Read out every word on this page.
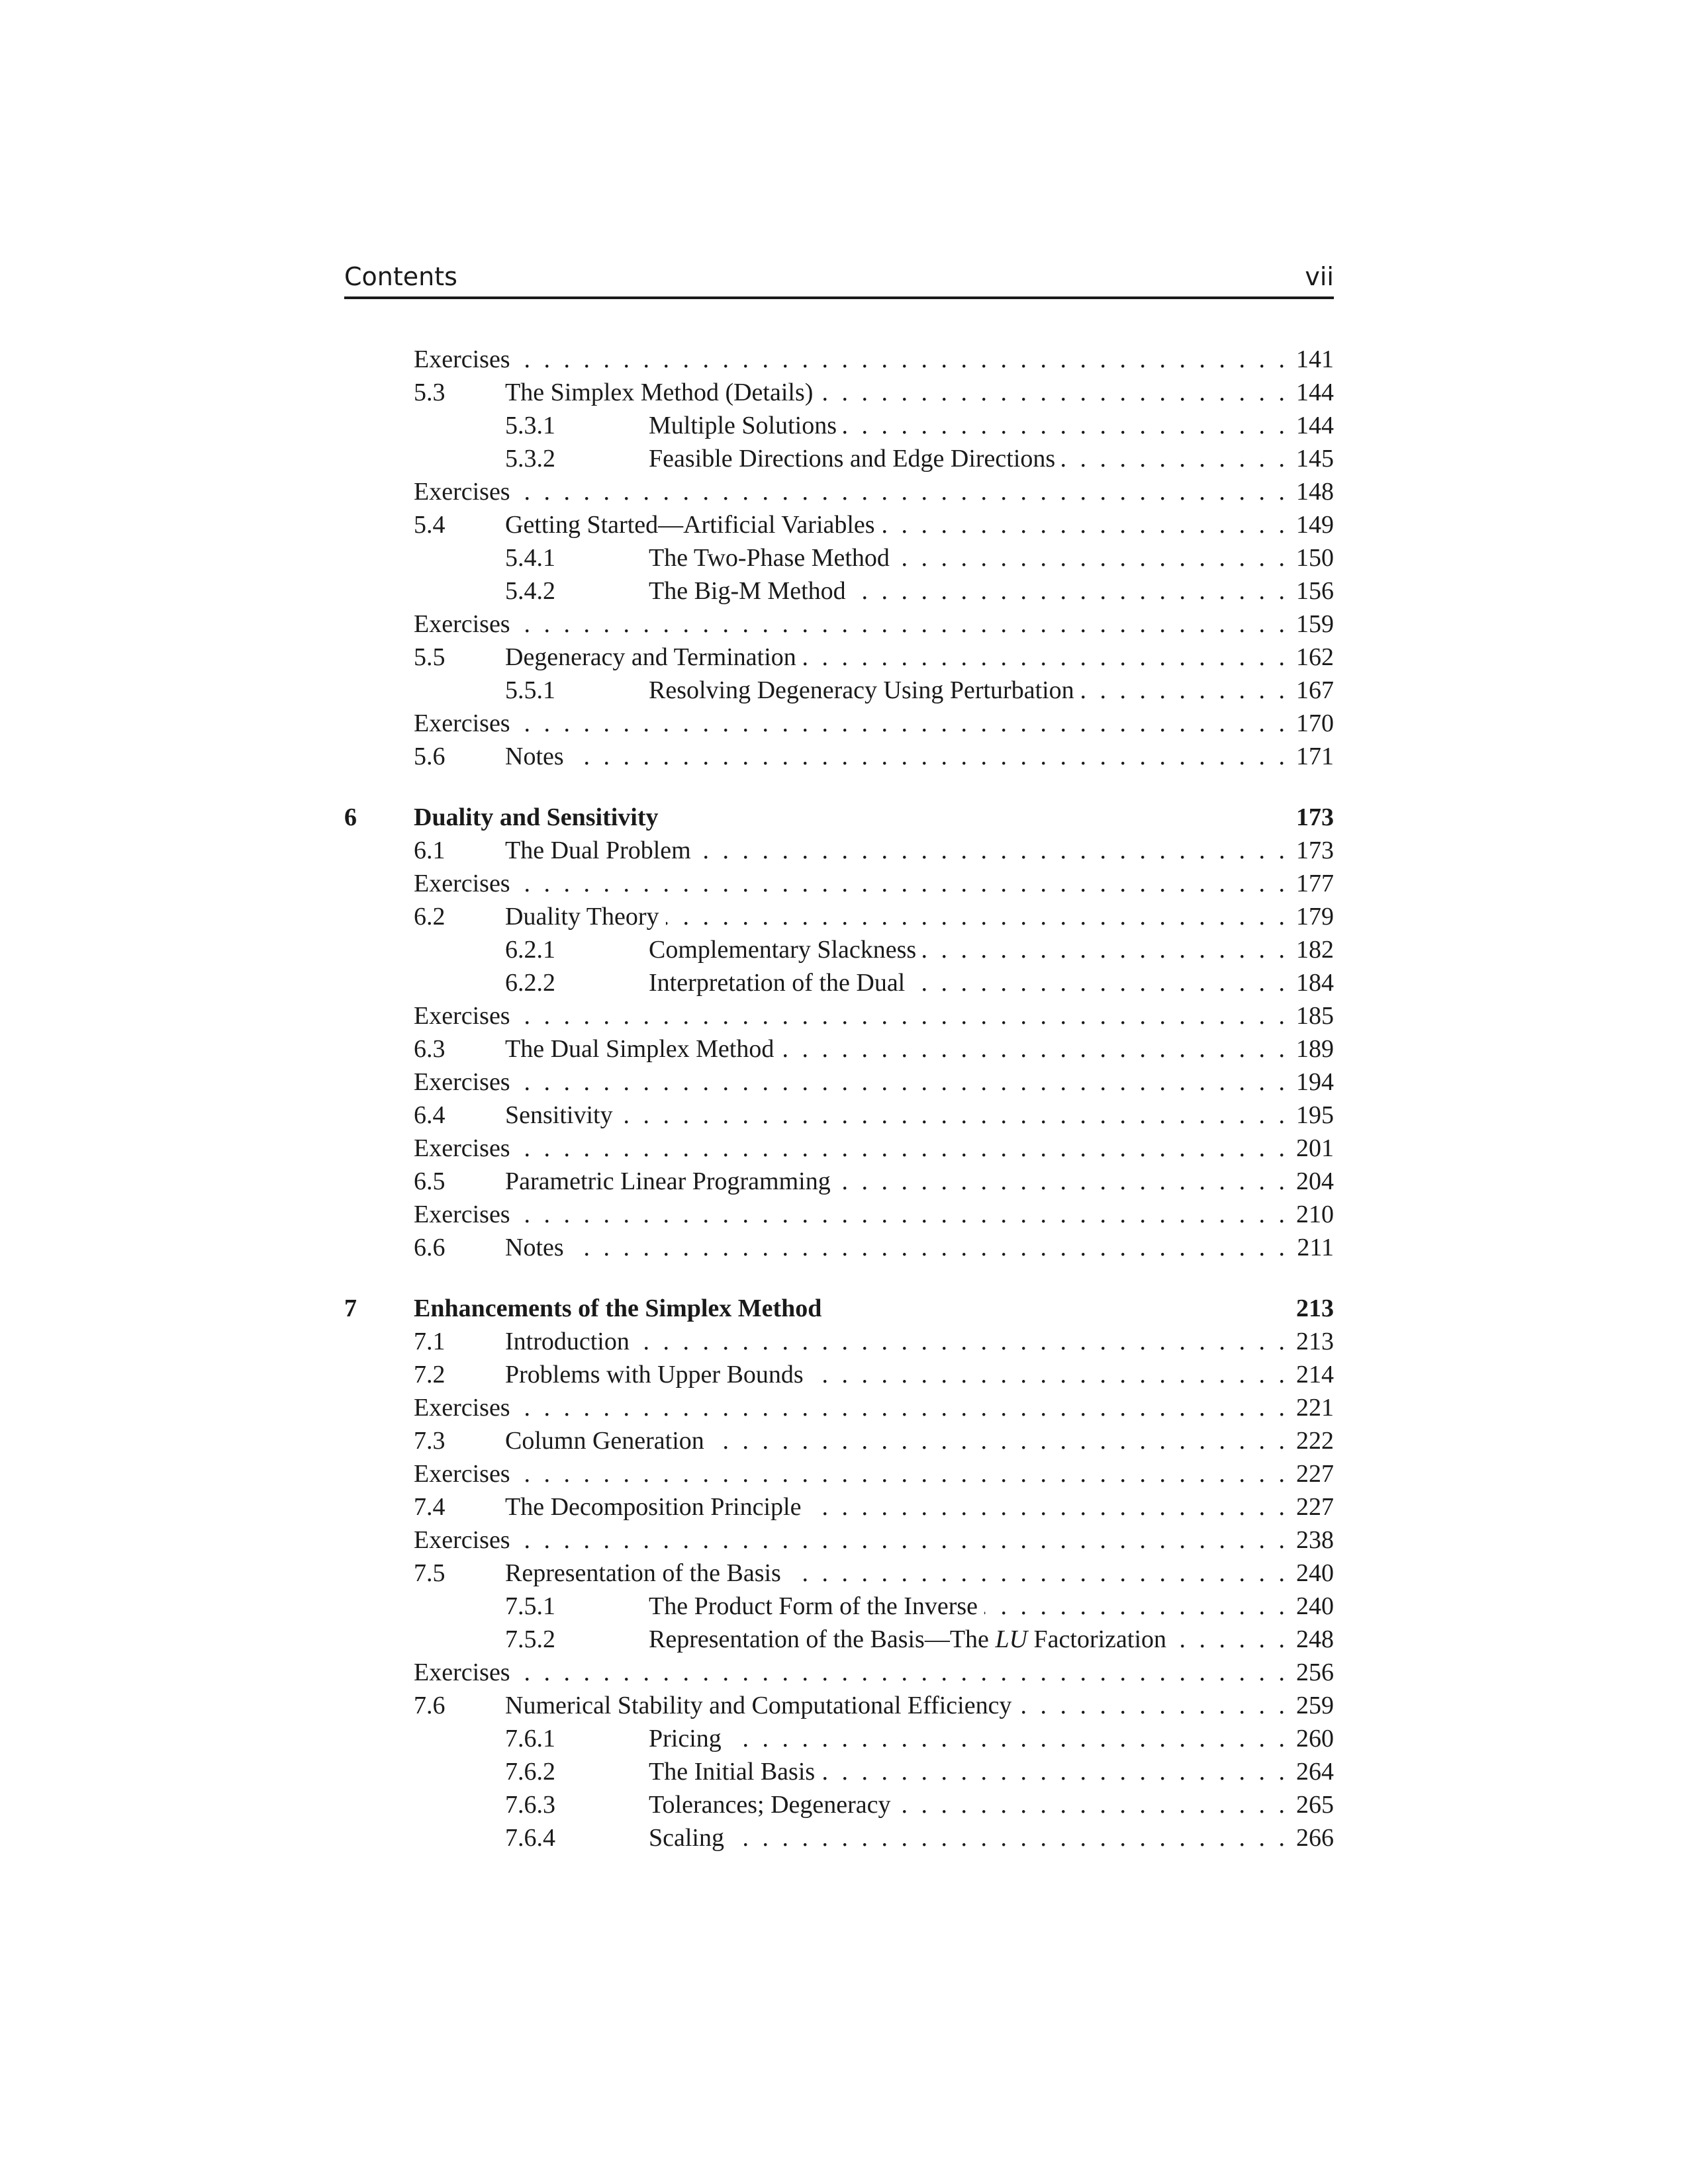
Contents	vii
Exercises . . .	141
5.3 The Simplex Method (Details) . . .	144
5.3.1	Multiple Solutions . . .	144
5.3.2	Feasible Directions and Edge Directions . . .	145
Exercises . . .	148
5.4 Getting Started—Artificial Variables . . .	149
5.4.1	The Two-Phase Method . . .	150
5.4.2	The Big-M Method . . .	156
Exercises . . .	159
5.5 Degeneracy and Termination . . .	162
5.5.1	Resolving Degeneracy Using Perturbation . . .	167
Exercises . . .	170
5.6 Notes . . .	171
6 Duality and Sensitivity	173
6.1 The Dual Problem . . .	173
Exercises . . .	177
6.2 Duality Theory . . .	179
6.2.1	Complementary Slackness . . .	182
6.2.2	Interpretation of the Dual . . .	184
Exercises . . .	185
6.3 The Dual Simplex Method . . .	189
Exercises . . .	194
6.4 Sensitivity . . .	195
Exercises . . .	201
6.5 Parametric Linear Programming . . .	204
Exercises . . .	210
6.6 Notes . . .	211
7 Enhancements of the Simplex Method	213
7.1 Introduction . . .	213
7.2 Problems with Upper Bounds . . .	214
Exercises . . .	221
7.3 Column Generation . . .	222
Exercises . . .	227
7.4 The Decomposition Principle . . .	227
Exercises . . .	238
7.5 Representation of the Basis . . .	240
7.5.1	The Product Form of the Inverse . . .	240
7.5.2	Representation of the Basis—The LU Factorization . . .	248
Exercises . . .	256
7.6 Numerical Stability and Computational Efficiency . . .	259
7.6.1	Pricing . . .	260
7.6.2	The Initial Basis . . .	264
7.6.3	Tolerances; Degeneracy . . .	265
7.6.4	Scaling . . .	266
